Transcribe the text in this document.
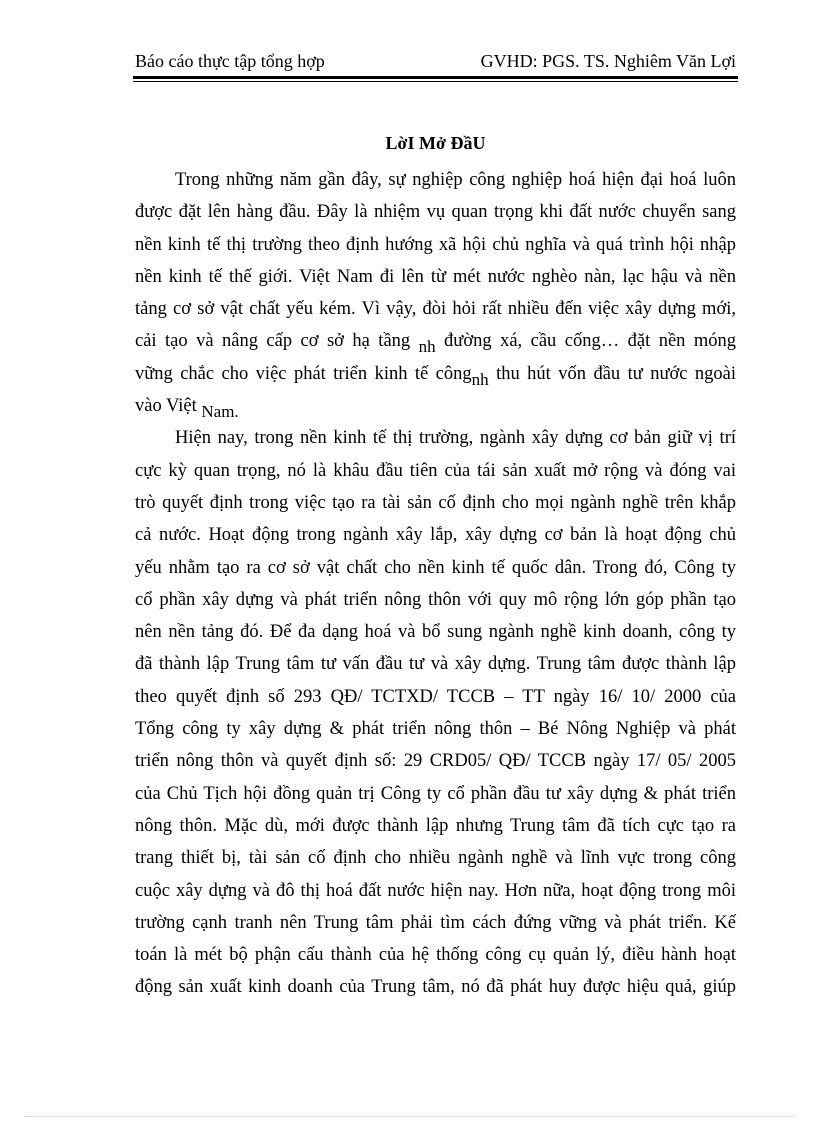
Báo cáo thực tập tổng hợp	GVHD: PGS. TS. Nghiêm Văn Lợi
LờI Mở ĐầU
Trong những năm gần đây, sự nghiệp công nghiệp hoá hiện đại hoá luôn
được đặt lên hàng đầu. Đây là nhiệm vụ quan trọng khi đất nước chuyển sang
nền kinh tế thị trường theo định hướng xã hội chủ nghĩa và quá trình hội nhập
nền kinh tế thế giới. Việt Nam đi lên từ mét nước nghèo nàn, lạc hậu và nền
tảng cơ sở vật chất yếu kém. Vì vậy, đòi hỏi rất nhiều đến việc xây dựng mới,
cải tạo và nâng cấp cơ sở hạ tầng nh đường xá, cầu cống… đặt nền móng
vững chắc cho việc phát triển kinh tế côngnh thu hút vốn đầu tư nước ngoài
vào Việt Nam.
Hiện nay, trong nền kinh tế thị trường, ngành xây dựng cơ bản giữ vị trí
cực kỳ quan trọng, nó là khâu đầu tiên của tái sản xuất mở rộng và đóng vai
trò quyết định trong việc tạo ra tài sản cố định cho mọi ngành nghề trên khắp
cả nước. Hoạt động trong ngành xây lắp, xây dựng cơ bản là hoạt động chủ
yếu nhằm tạo ra cơ sở vật chất cho nền kinh tế quốc dân. Trong đó, Công ty
cổ phần xây dựng và phát triển nông thôn với quy mô rộng lớn góp phần tạo
nên nền tảng đó. Để đa dạng hoá và bổ sung ngành nghề kinh doanh, công ty
đã thành lập Trung tâm tư vấn đầu tư và xây dựng. Trung tâm được thành lập
theo quyết định số 293 QĐ/ TCTXD/ TCCB – TT ngày 16/ 10/ 2000 của
Tổng công ty xây dựng & phát triển nông thôn – Bé Nông Nghiệp và phát
triển nông thôn và quyết định số: 29 CRD05/ QĐ/ TCCB ngày 17/ 05/ 2005
của Chủ Tịch hội đồng quản trị Công ty cổ phần đầu tư xây dựng & phát triển
nông thôn. Mặc dù, mới được thành lập nhưng Trung tâm đã tích cực tạo ra
trang thiết bị, tài sản cố định cho nhiều ngành nghề và lĩnh vực trong công
cuộc xây dựng và đô thị hoá đất nước hiện nay. Hơn nữa, hoạt động trong môi
trường cạnh tranh nên Trung tâm phải tìm cách đứng vững và phát triển. Kế
toán là mét bộ phận cấu thành của hệ thống công cụ quản lý, điều hành hoạt
động sản xuất kinh doanh của Trung tâm, nó đã phát huy được hiệu quả, giúp
